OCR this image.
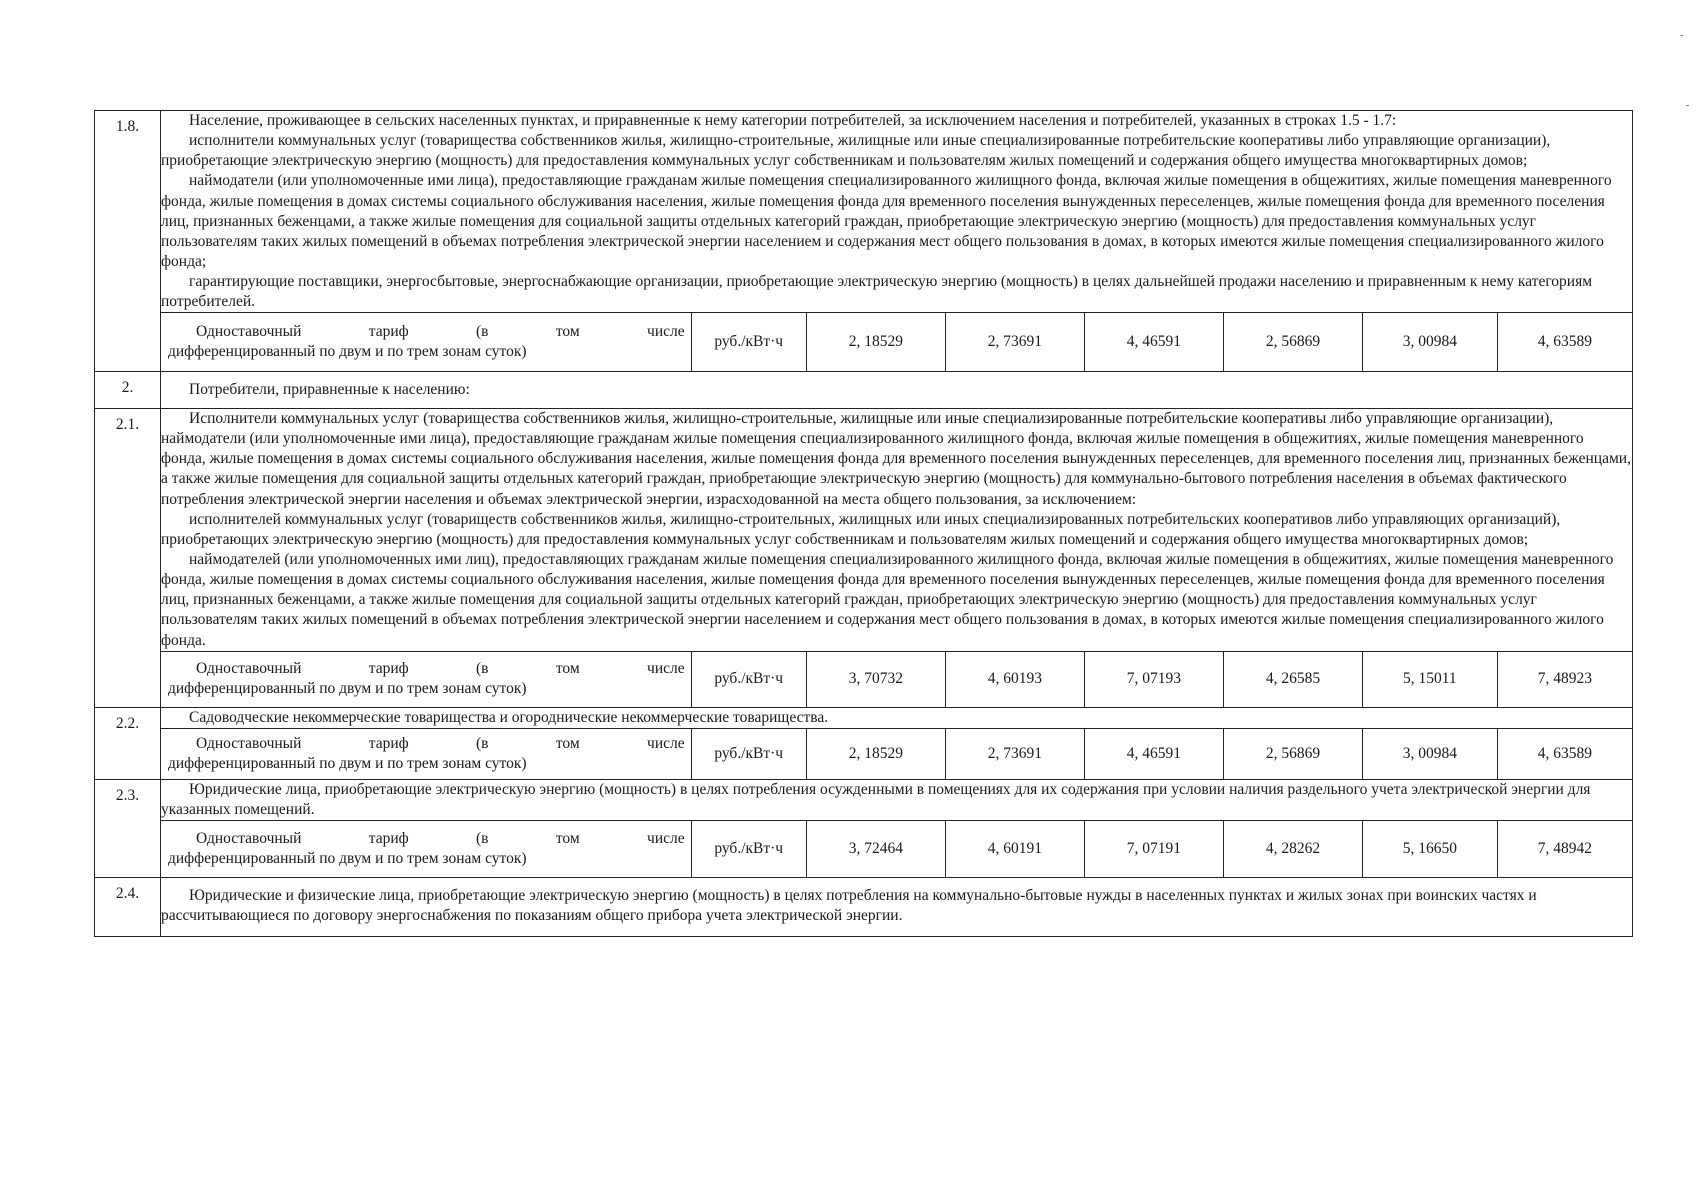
-
-
1.8.	Население, проживающее в сельских населенных пунктах, и приравненные к нему категории потребителей, за исключением населения и потребителей, указанных в строках 1.5 - 1.7:
исполнители коммунальных услуг (товарищества собственников жилья, жилищно-строительные, жилищные или иные специализированные потребительские кооперативы либо управляющие организации), приобретающие электрическую энергию (мощность) для предоставления коммунальных услуг собственникам и пользователям жилых помещений и содержания общего имущества многоквартирных домов;
наймодатели (или уполномоченные ими лица), предоставляющие гражданам жилые помещения специализированного жилищного фонда, включая жилые помещения в общежитиях, жилые помещения маневренного фонда, жилые помещения в домах системы социального обслуживания населения, жилые помещения фонда для временного поселения вынужденных переселенцев, жилые помещения фонда для временного поселения лиц, признанных беженцами, а также жилые помещения для социальной защиты отдельных категорий граждан, приобретающие электрическую энергию (мощность) для предоставления коммунальных услуг пользователям таких жилых помещений в объемах потребления электрической энергии населением и содержания мест общего пользования в домах, в которых имеются жилые помещения специализированного жилого фонда;
гарантирующие поставщики, энергосбытовые, энергоснабжающие организации, приобретающие электрическую энергию (мощность) в целях дальнейшей продажи населению и приравненным к нему категориям потребителей.
Одноставочный	тариф	(в	том	числе
дифференцированный по двум и по трем зонам суток)
	руб./кВт·ч	2, 18529	2, 73691	4, 46591	2, 56869	3, 00984	4, 63589

2.	Потребители, приравненные к населению:

2.1.	Исполнители коммунальных услуг (товарищества собственников жилья, жилищно-строительные, жилищные или иные специализированные потребительские кооперативы либо управляющие организации), наймодатели (или уполномоченные ими лица), предоставляющие гражданам жилые помещения специализированного жилищного фонда, включая жилые помещения в общежитиях, жилые помещения маневренного фонда, жилые помещения в домах системы социального обслуживания населения, жилые помещения фонда для временного поселения вынужденных переселенцев, для временного поселения лиц, признанных беженцами, а также жилые помещения для социальной защиты отдельных категорий граждан, приобретающие электрическую энергию (мощность) для коммунально-бытового потребления населения в объемах фактического потребления электрической энергии населения и объемах электрической энергии, израсходованной на места общего пользования, за исключением:
исполнителей коммунальных услуг (товариществ собственников жилья, жилищно-строительных, жилищных или иных специализированных потребительских кооперативов либо управляющих организаций), приобретающих электрическую энергию (мощность) для предоставления коммунальных услуг собственникам и пользователям жилых помещений и содержания общего имущества многоквартирных домов;
наймодателей (или уполномоченных ими лиц), предоставляющих гражданам жилые помещения специализированного жилищного фонда, включая жилые помещения в общежитиях, жилые помещения маневренного фонда, жилые помещения в домах системы социального обслуживания населения, жилые помещения фонда для временного поселения вынужденных переселенцев, жилые помещения фонда для временного поселения лиц, признанных беженцами, а также жилые помещения для социальной защиты отдельных категорий граждан, приобретающих электрическую энергию (мощность) для предоставления коммунальных услуг пользователям таких жилых помещений в объемах потребления электрической энергии населением и содержания мест общего пользования в домах, в которых имеются жилые помещения специализированного жилого фонда.
Одноставочный	тариф	(в	том	числе
дифференцированный по двум и по трем зонам суток)
	руб./кВт·ч	3, 70732	4, 60193	7, 07193	4, 26585	5, 15011	7, 48923

2.2.	Садоводческие некоммерческие товарищества и огороднические некоммерческие товарищества.
Одноставочный	тариф	(в	том	числе
дифференцированный по двум и по трем зонам суток)
	руб./кВт·ч	2, 18529	2, 73691	4, 46591	2, 56869	3, 00984	4, 63589

2.3.	Юридические лица, приобретающие электрическую энергию (мощность) в целях потребления осужденными в помещениях для их содержания при условии наличия раздельного учета электрической энергии для указанных помещений.
Одноставочный	тариф	(в	том	числе
дифференцированный по двум и по трем зонам суток)
	руб./кВт·ч	3, 72464	4, 60191	7, 07191	4, 28262	5, 16650	7, 48942

2.4.	Юридические и физические лица, приобретающие электрическую энергию (мощность) в целях потребления на коммунально-бытовые нужды в населенных пунктах и жилых зонах при воинских частях и рассчитывающиеся по договору энергоснабжения по показаниям общего прибора учета электрической энергии.
